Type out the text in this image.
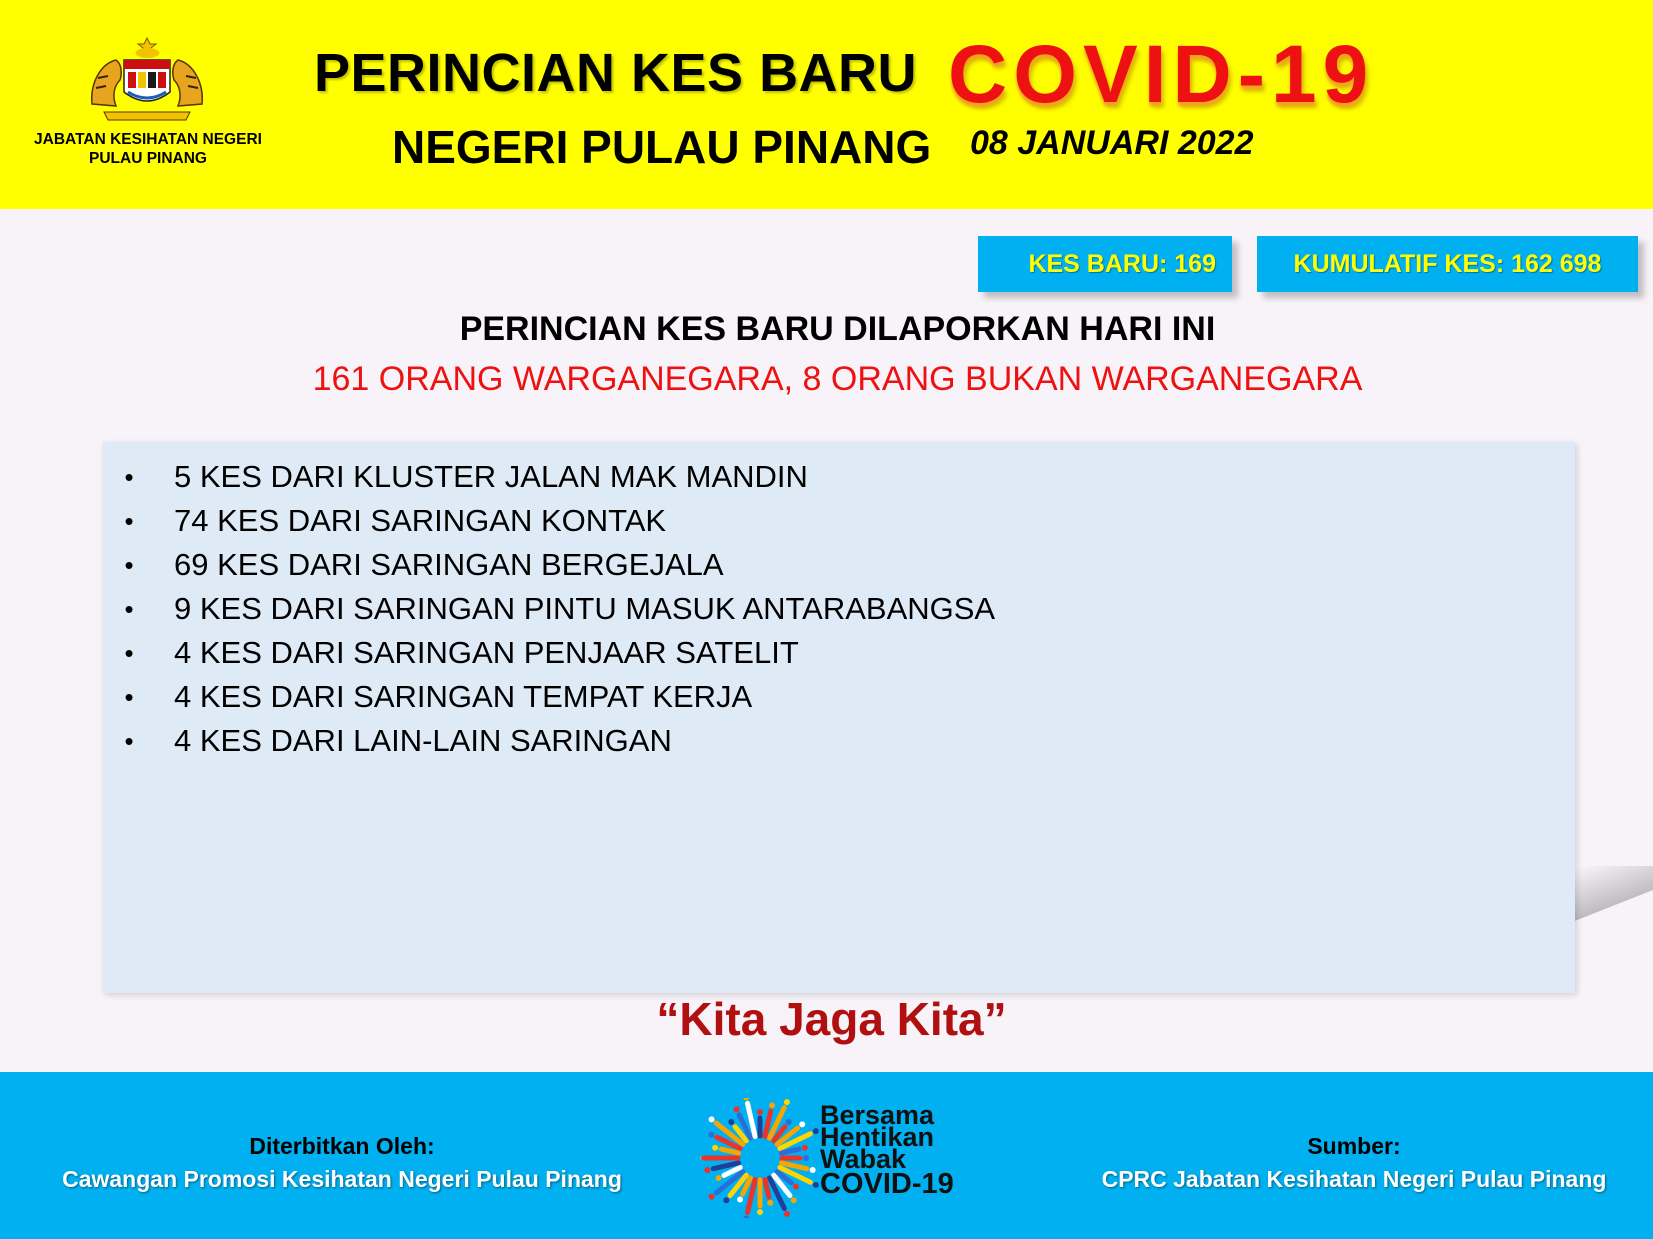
JABATAN KESIHATAN NEGERI
PULAU PINANG
PERINCIAN KES BARU COVID-19
NEGERI PULAU PINANG 08 JANUARI 2022
KES BARU: 169	KUMULATIF KES: 162 698
PERINCIAN KES BARU DILAPORKAN HARI INI
161 ORANG WARGANEGARA, 8 ORANG BUKAN WARGANEGARA
• 5 KES DARI KLUSTER JALAN MAK MANDIN
• 74 KES DARI SARINGAN KONTAK
• 69 KES DARI SARINGAN BERGEJALA
• 9 KES DARI SARINGAN PINTU MASUK ANTARABANGSA
• 4 KES DARI SARINGAN PENJAAR SATELIT
• 4 KES DARI SARINGAN TEMPAT KERJA
• 4 KES DARI LAIN-LAIN SARINGAN
“Kita Jaga Kita”
Diterbitkan Oleh:
Cawangan Promosi Kesihatan Negeri Pulau Pinang
Sumber:
CPRC Jabatan Kesihatan Negeri Pulau Pinang
Bersama
Hentikan
Wabak
COVID-19
